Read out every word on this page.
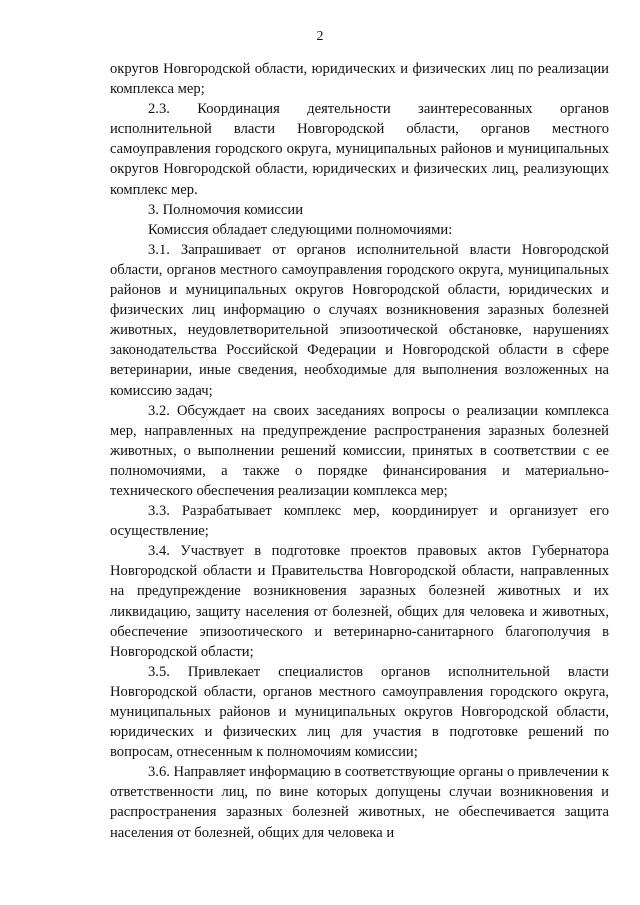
2

округов Новгородской области, юридических и физических лиц по реализации комплекса мер;

2.3. Координация деятельности заинтересованных органов исполнительной власти Новгородской области, органов местного самоуправления городского округа, муниципальных районов и муниципальных округов Новгородской области, юридических и физических лиц, реализующих комплекс мер.

3. Полномочия комиссии

Комиссия обладает следующими полномочиями:

3.1. Запрашивает от органов исполнительной власти Новгородской области, органов местного самоуправления городского округа, муниципальных районов и муниципальных округов Новгородской области, юридических и физических лиц информацию о случаях возникновения заразных болезней животных, неудовлетворительной эпизоотической обстановке, нарушениях законодательства Российской Федерации и Новгородской области в сфере ветеринарии, иные сведения, необходимые для выполнения возложенных на комиссию задач;

3.2. Обсуждает на своих заседаниях вопросы о реализации комплекса мер, направленных на предупреждение распространения заразных болезней животных, о выполнении решений комиссии, принятых в соответствии с ее полномочиями, а также о порядке финансирования и материально-технического обеспечения реализации комплекса мер;

3.3. Разрабатывает комплекс мер, координирует и организует его осуществление;

3.4. Участвует в подготовке проектов правовых актов Губернатора Новгородской области и Правительства Новгородской области, направленных на предупреждение возникновения заразных болезней животных и их ликвидацию, защиту населения от болезней, общих для человека и животных, обеспечение эпизоотического и ветеринарно-санитарного благополучия в Новгородской области;

3.5. Привлекает специалистов органов исполнительной власти Новгородской области, органов местного самоуправления городского округа, муниципальных районов и муниципальных округов Новгородской области, юридических и физических лиц для участия в подготовке решений по вопросам, отнесенным к полномочиям комиссии;

3.6. Направляет информацию в соответствующие органы о привлечении к ответственности лиц, по вине которых допущены случаи возникновения и распространения заразных болезней животных, не обеспечивается защита населения от болезней, общих для человека и
